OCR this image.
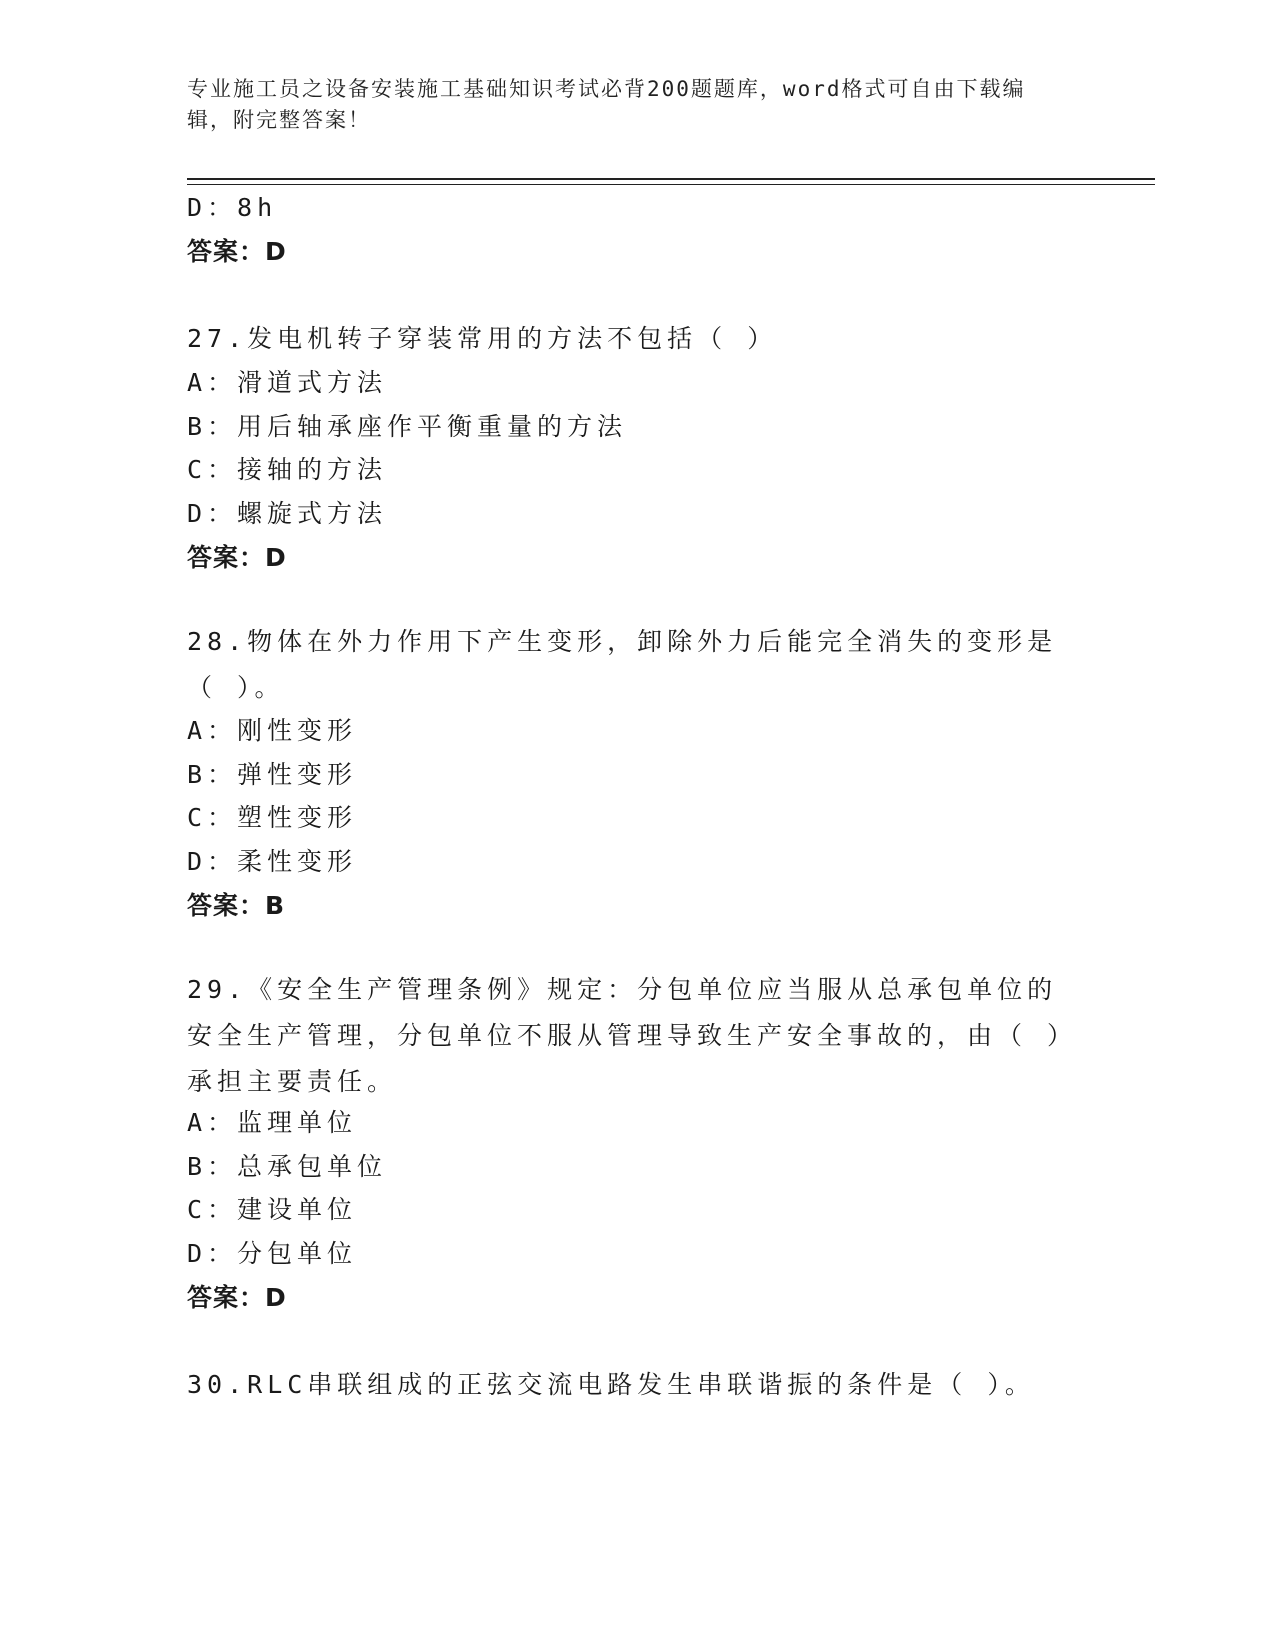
专业施工员之设备安装施工基础知识考试必背200题题库，word格式可自由下载编辑，附完整答案！
D：8h
答案：D
27.发电机转子穿装常用的方法不包括（ ）
A：滑道式方法
B：用后轴承座作平衡重量的方法
C：接轴的方法
D：螺旋式方法
答案：D
28.物体在外力作用下产生变形，卸除外力后能完全消失的变形是（ ）。
A：刚性变形
B：弹性变形
C：塑性变形
D：柔性变形
答案：B
29.《安全生产管理条例》规定：分包单位应当服从总承包单位的安全生产管理，分包单位不服从管理导致生产安全事故的，由（ ）承担主要责任。
A：监理单位
B：总承包单位
C：建设单位
D：分包单位
答案：D
30.RLC串联组成的正弦交流电路发生串联谐振的条件是（ ）。
